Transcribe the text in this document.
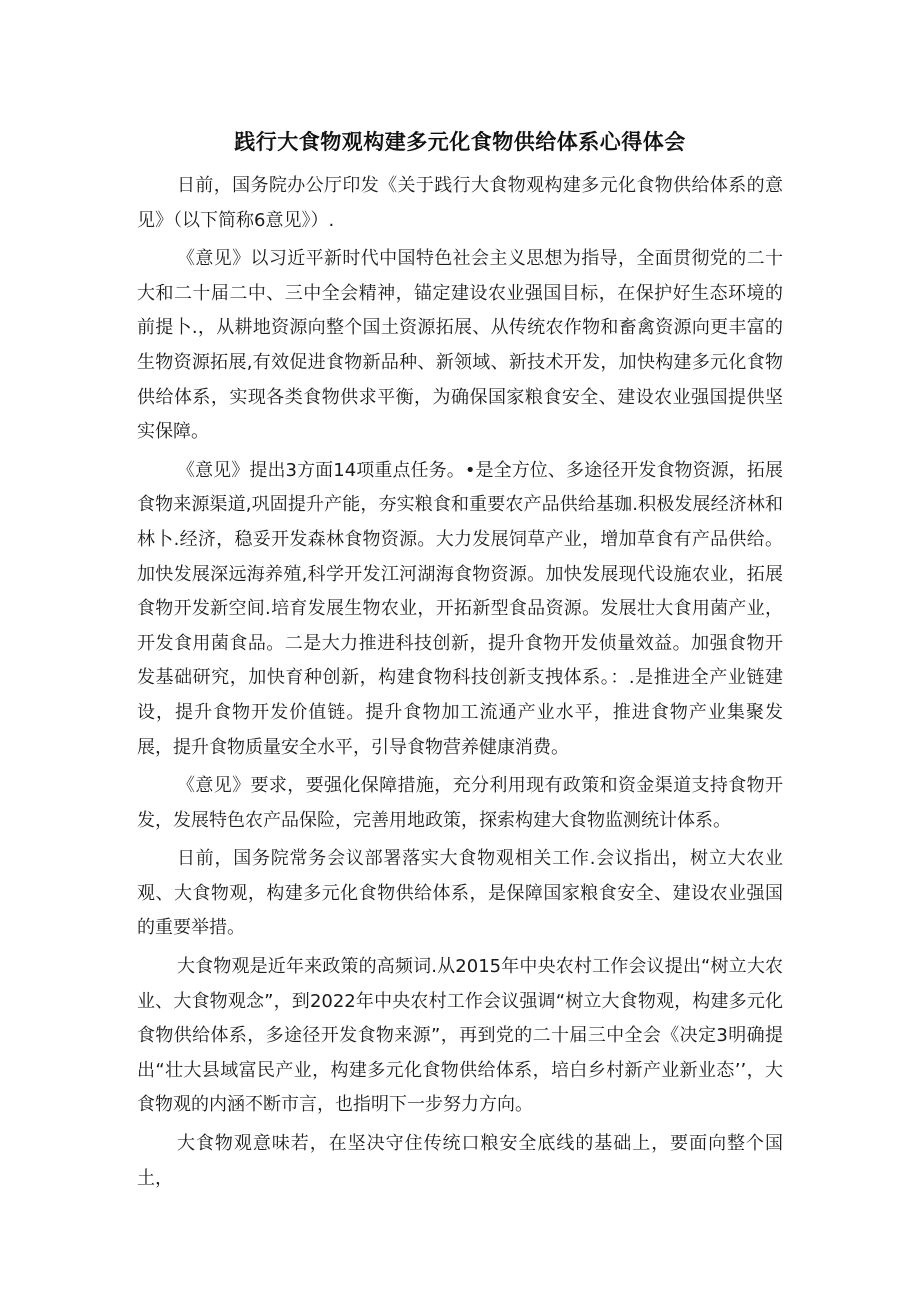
践行大食物观构建多元化食物供给体系心得体会

日前，国务院办公厅印发《关于践行大食物观构建多元化食物供给体系的意见》（以下简称6意见》）.

《意见》以习近平新时代中国特色社会主义思想为指导，全面贯彻党的二十大和二十届二中、三中全会精神，锚定建设农业强国目标，在保护好生态环境的前提卜.，从耕地资源向整个国土资源拓展、从传统农作物和畜禽资源向更丰富的生物资源拓展,有效促进食物新品种、新领域、新技术开发，加快构建多元化食物供给体系，实现各类食物供求平衡，为确保国家粮食安全、建设农业强国提供坚实保障。

《意见》提出3方面14项重点任务。•是全方位、多途径开发食物资源，拓展食物来源渠道,巩固提升产能，夯实粮食和重要农产品供给基珈.积极发展经济林和林卜.经济，稳妥开发森林食物资源。大力发展饲草产业，增加草食有产品供给。加快发展深远海养殖,科学开发江河湖海食物资源。加快发展现代设施农业，拓展食物开发新空间.培育发展生物农业，开拓新型食品资源。发展壮大食用菌产业，开发食用菌食品。二是大力推进科技创新，提升食物开发侦量效益。加强食物开发基础研究，加快育种创新，构建食物科技创新支拽体系。：.是推进全产业链建设，提升食物开发价值链。提升食物加工流通产业水平，推进食物产业集聚发展，提升食物质量安全水平，引导食物营养健康消费。

《意见》要求，要强化保障措施，充分利用现有政策和资金渠道支持食物开发，发展特色农产品保险，完善用地政策，探索构建大食物监测统计体系。

日前，国务院常务会议部署落实大食物观相关工作.会议指出，树立大农业观、大食物观，构建多元化食物供给体系，是保障国家粮食安全、建设农业强国的重要举措。

大食物观是近年来政策的高频词.从2015年中央农村工作会议提出“树立大农业、大食物观念”，到2022年中央农村工作会议强调“树立大食物观，构建多元化食物供给体系，多途径开发食物来源”，再到党的二十届三中全会《决定3明确提出“壮大县域富民产业，构建多元化食物供给体系，培白乡村新产业新业态’’，大食物观的内涵不断市言，也指明下一步努力方向。

大食物观意味若，在坚决守住传统口粮安全底线的基础上，要面向整个国土，
